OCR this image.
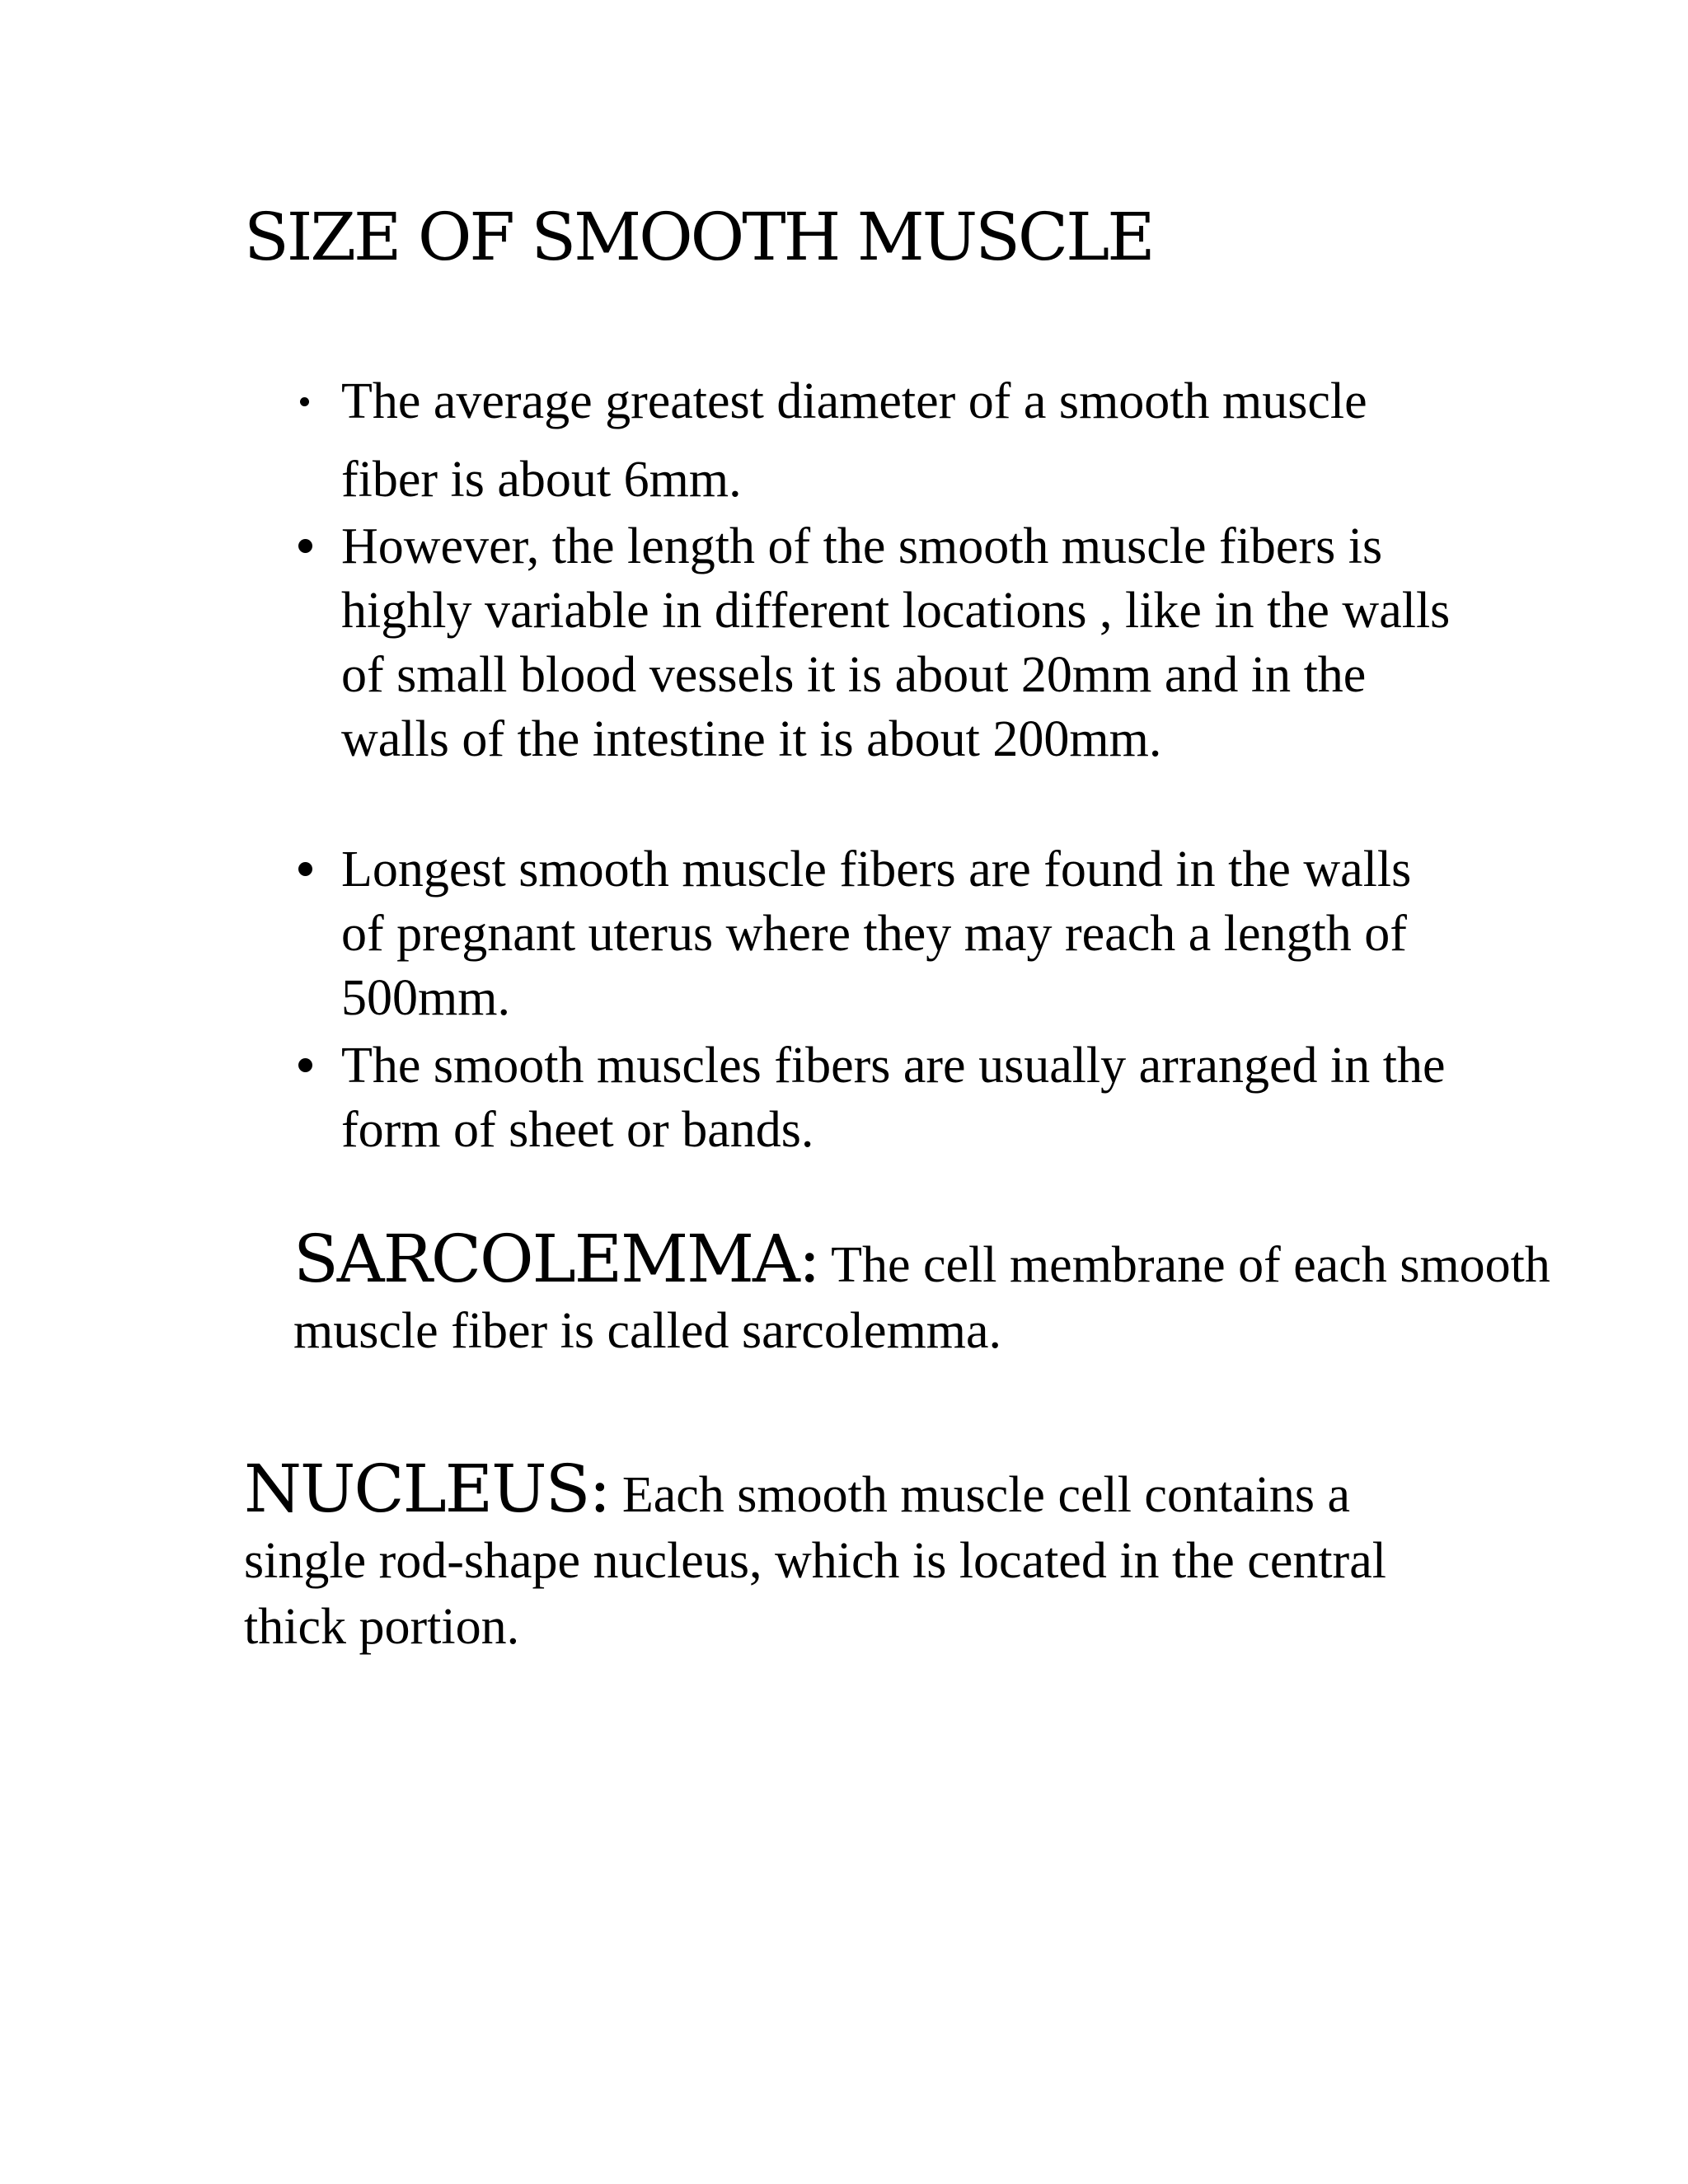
SIZE OF SMOOTH MUSCLE
The average greatest diameter of a smooth muscle fiber is about 6mm.
However, the length of the smooth muscle fibers is highly variable in different locations , like in the walls of small blood vessels it is about 20mm and in the walls of the intestine it is about 200mm.
Longest smooth muscle fibers are found in the walls of pregnant uterus where they may reach a length of 500mm.
The smooth muscles fibers are usually arranged in the form of sheet or bands.
SARCOLEMMA: The cell membrane of each smooth muscle fiber is called sarcolemma.
NUCLEUS: Each smooth muscle cell contains a single rod-shape nucleus, which is located in the central thick portion.
